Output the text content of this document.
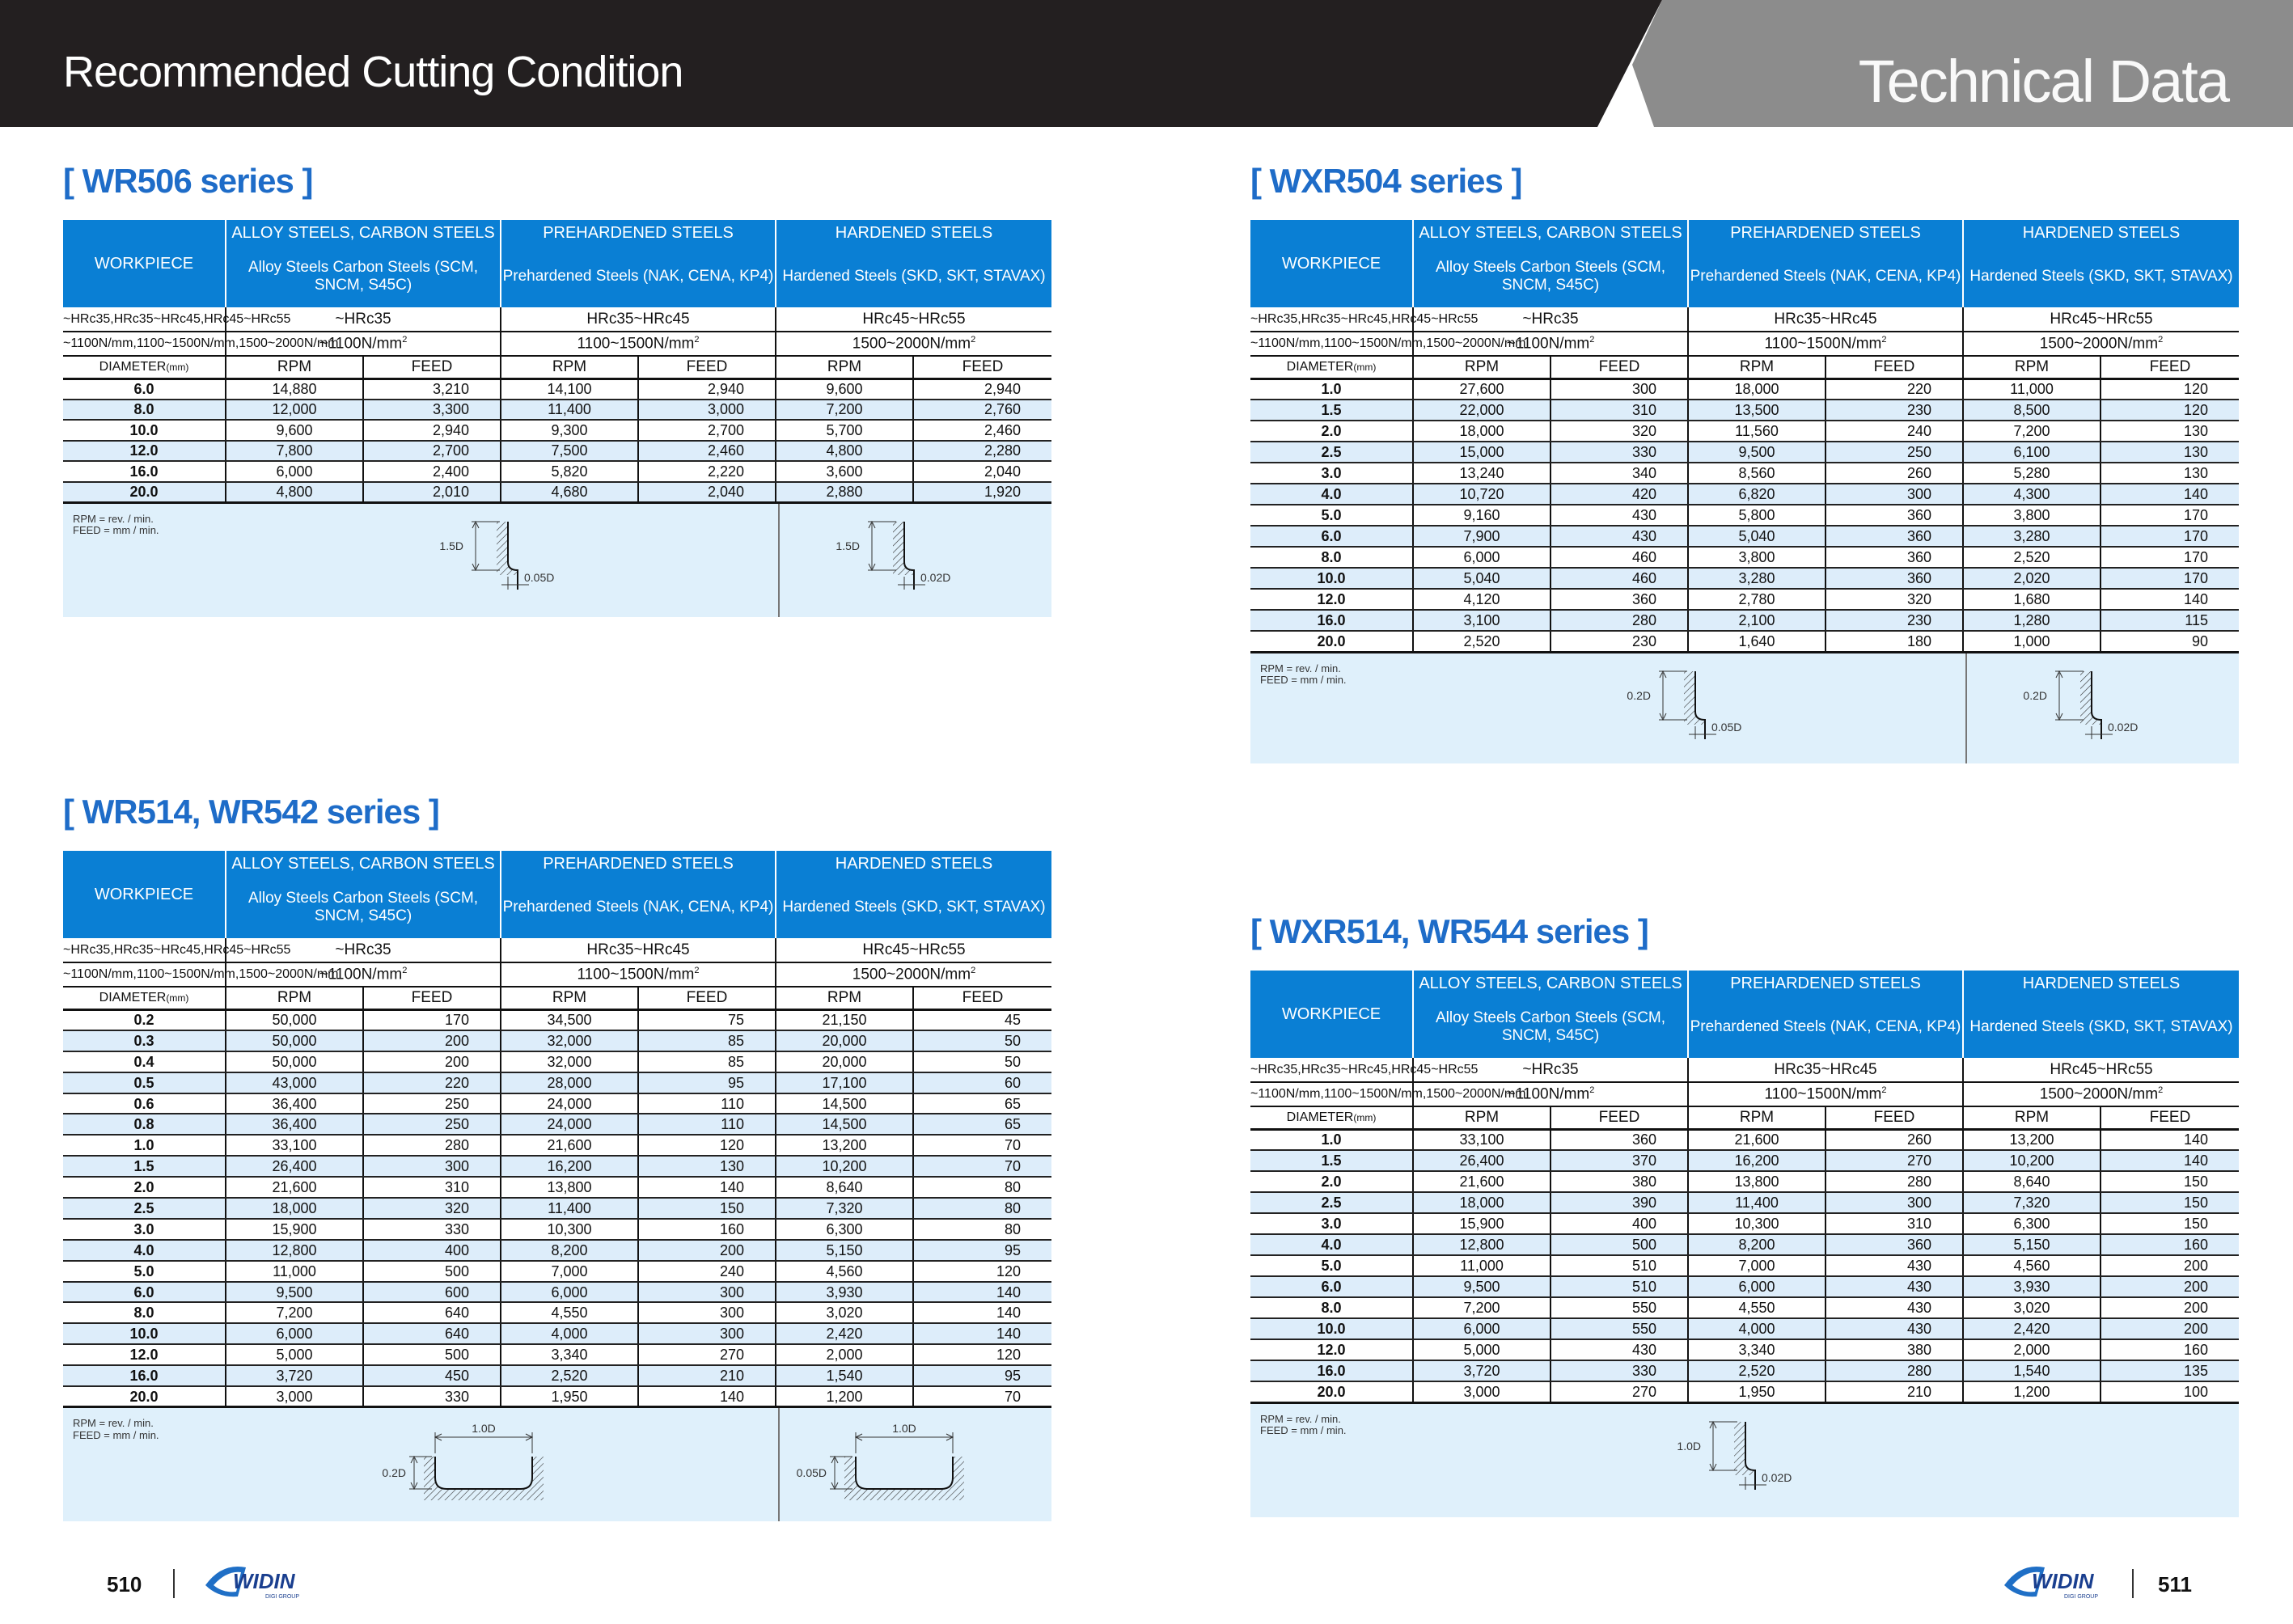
Recommended Cutting Condition	Technical Data
[ WR506 series ]
WORKPIECE	ALLOY STEELS, CARBON STEELS		PREHARDENED STEELS		HARDENED STEELS	
	Alloy Steels Carbon Steels (SCM, SNCM, S45C)		Prehardened Steels (NAK, CENA, KP4)		Hardened Steels (SKD, SKT, STAVAX)	
~HRc35,HRc35~HRc45,HRc45~HRc55	~HRc35		HRc35~HRc45		HRc45~HRc55	
~1100N/mm,1100~1500N/mm,1500~2000N/mm	$\sim 1100N/mm^2$		$1100\sim 1500N/mm^2$		$1500\sim 2000N/mm^2$
DIAMETER(mm)	RPM	FEED	RPM	FEED	RPM	FEED
6.0	14,880	3,210	14,100	2,940	9,600	2,940
8.0	12,000	3,300	11,400	3,000	7,200	2,760
10.0	9,600	2,940	9,300	2,700	5,700	2,460
12.0	7,800	2,700	7,500	2,460	4,800	2,280
16.0	6,000	2,400	5,820	2,220	3,600	2,040
20.0	4,800	2,010	4,680	2,040	2,880	1,920
RPM = rev. / min.
FEED = mm / min.
1.5D
0.05D
1.5D
0.02D
[ WR514, WR542 series ]
WORKPIECE	ALLOY STEELS, CARBON STEELS		PREHARDENED STEELS		HARDENED STEELS	
	Alloy Steels Carbon Steels (SCM, SNCM, S45C)		Prehardened Steels (NAK, CENA, KP4)		Hardened Steels (SKD, SKT, STAVAX)	
~HRc35,HRc35~HRc45,HRc45~HRc55	~HRc35		HRc35~HRc45		HRc45~HRc55	
~1100N/mm,1100~1500N/mm,1500~2000N/mm	$\sim 1100N/mm^2$		$1100\sim 1500N/mm^2$		$1500\sim 2000N/mm^2$
DIAMETER(mm)	RPM	FEED	RPM	FEED	RPM	FEED
0.2	50,000	170	34,500	75	21,150	45
0.3	50,000	200	32,000	85	20,000	50
0.4	50,000	200	32,000	85	20,000	50
0.5	43,000	220	28,000	95	17,100	60
0.6	36,400	250	24,000	110	14,500	65
0.8	36,400	250	24,000	110	14,500	65
1.0	33,100	280	21,600	120	13,200	70
1.5	26,400	300	16,200	130	10,200	70
2.0	21,600	310	13,800	140	8,640	80
2.5	18,000	320	11,400	150	7,320	80
3.0	15,900	330	10,300	160	6,300	80
4.0	12,800	400	8,200	200	5,150	95
5.0	11,000	500	7,000	240	4,560	120
6.0	9,500	600	6,000	300	3,930	140
8.0	7,200	640	4,550	300	3,020	140
10.0	6,000	640	4,000	300	2,420	140
12.0	5,000	500	3,340	270	2,000	120
16.0	3,720	450	2,520	210	1,540	95
20.0	3,000	330	1,950	140	1,200	70
RPM = rev. / min.
FEED = mm / min.
1.0D
0.2D
1.0D
0.05D
[ WXR504 series ]
WORKPIECE	ALLOY STEELS, CARBON STEELS		PREHARDENED STEELS		HARDENED STEELS	
	Alloy Steels Carbon Steels (SCM, SNCM, S45C)		Prehardened Steels (NAK, CENA, KP4)		Hardened Steels (SKD, SKT, STAVAX)	
~HRc35,HRc35~HRc45,HRc45~HRc55	~HRc35		HRc35~HRc45		HRc45~HRc55	
~1100N/mm,1100~1500N/mm,1500~2000N/mm	$\sim 1100N/mm^2$		$1100\sim 1500N/mm^2$		$1500\sim 2000N/mm^2$
DIAMETER(mm)	RPM	FEED	RPM	FEED	RPM	FEED
1.0	27,600	300	18,000	220	11,000	120
1.5	22,000	310	13,500	230	8,500	120
2.0	18,000	320	11,560	240	7,200	130
2.5	15,000	330	9,500	250	6,100	130
3.0	13,240	340	8,560	260	5,280	130
4.0	10,720	420	6,820	300	4,300	140
5.0	9,160	430	5,800	360	3,800	170
6.0	7,900	430	5,040	360	3,280	170
8.0	6,000	460	3,800	360	2,520	170
10.0	5,040	460	3,280	360	2,020	170
12.0	4,120	360	2,780	320	1,680	140
16.0	3,100	280	2,100	230	1,280	115
20.0	2,520	230	1,640	180	1,000	90
RPM = rev. / min.
FEED = mm / min.
0.2D
0.05D
0.2D
0.02D
[ WXR514, WR544 series ]
WORKPIECE	ALLOY STEELS, CARBON STEELS		PREHARDENED STEELS		HARDENED STEELS	
	Alloy Steels Carbon Steels (SCM, SNCM, S45C)		Prehardened Steels (NAK, CENA, KP4)		Hardened Steels (SKD, SKT, STAVAX)	
~HRc35,HRc35~HRc45,HRc45~HRc55	~HRc35		HRc35~HRc45		HRc45~HRc55	
~1100N/mm,1100~1500N/mm,1500~2000N/mm	$\sim 1100N/mm^2$		$1100\sim 1500N/mm^2$		$1500\sim 2000N/mm^2$
DIAMETER(mm)	RPM	FEED	RPM	FEED	RPM	FEED
1.0	33,100	360	21,600	260	13,200	140
1.5	26,400	370	16,200	270	10,200	140
2.0	21,600	380	13,800	280	8,640	150
2.5	18,000	390	11,400	300	7,320	150
3.0	15,900	400	10,300	310	6,300	150
4.0	12,800	500	8,200	360	5,150	160
5.0	11,000	510	7,000	430	4,560	200
6.0	9,500	510	6,000	430	3,930	200
8.0	7,200	550	4,550	430	3,020	200
10.0	6,000	550	4,000	430	2,420	200
12.0	5,000	430	3,340	380	2,000	160
16.0	3,720	330	2,520	280	1,540	135
20.0	3,000	270	1,950	210	1,200	100
RPM = rev. / min.
FEED = mm / min.
1.0D
0.02D
510	WIDIN
DIGI GROUP
WIDIN
DIGI GROUP
511
